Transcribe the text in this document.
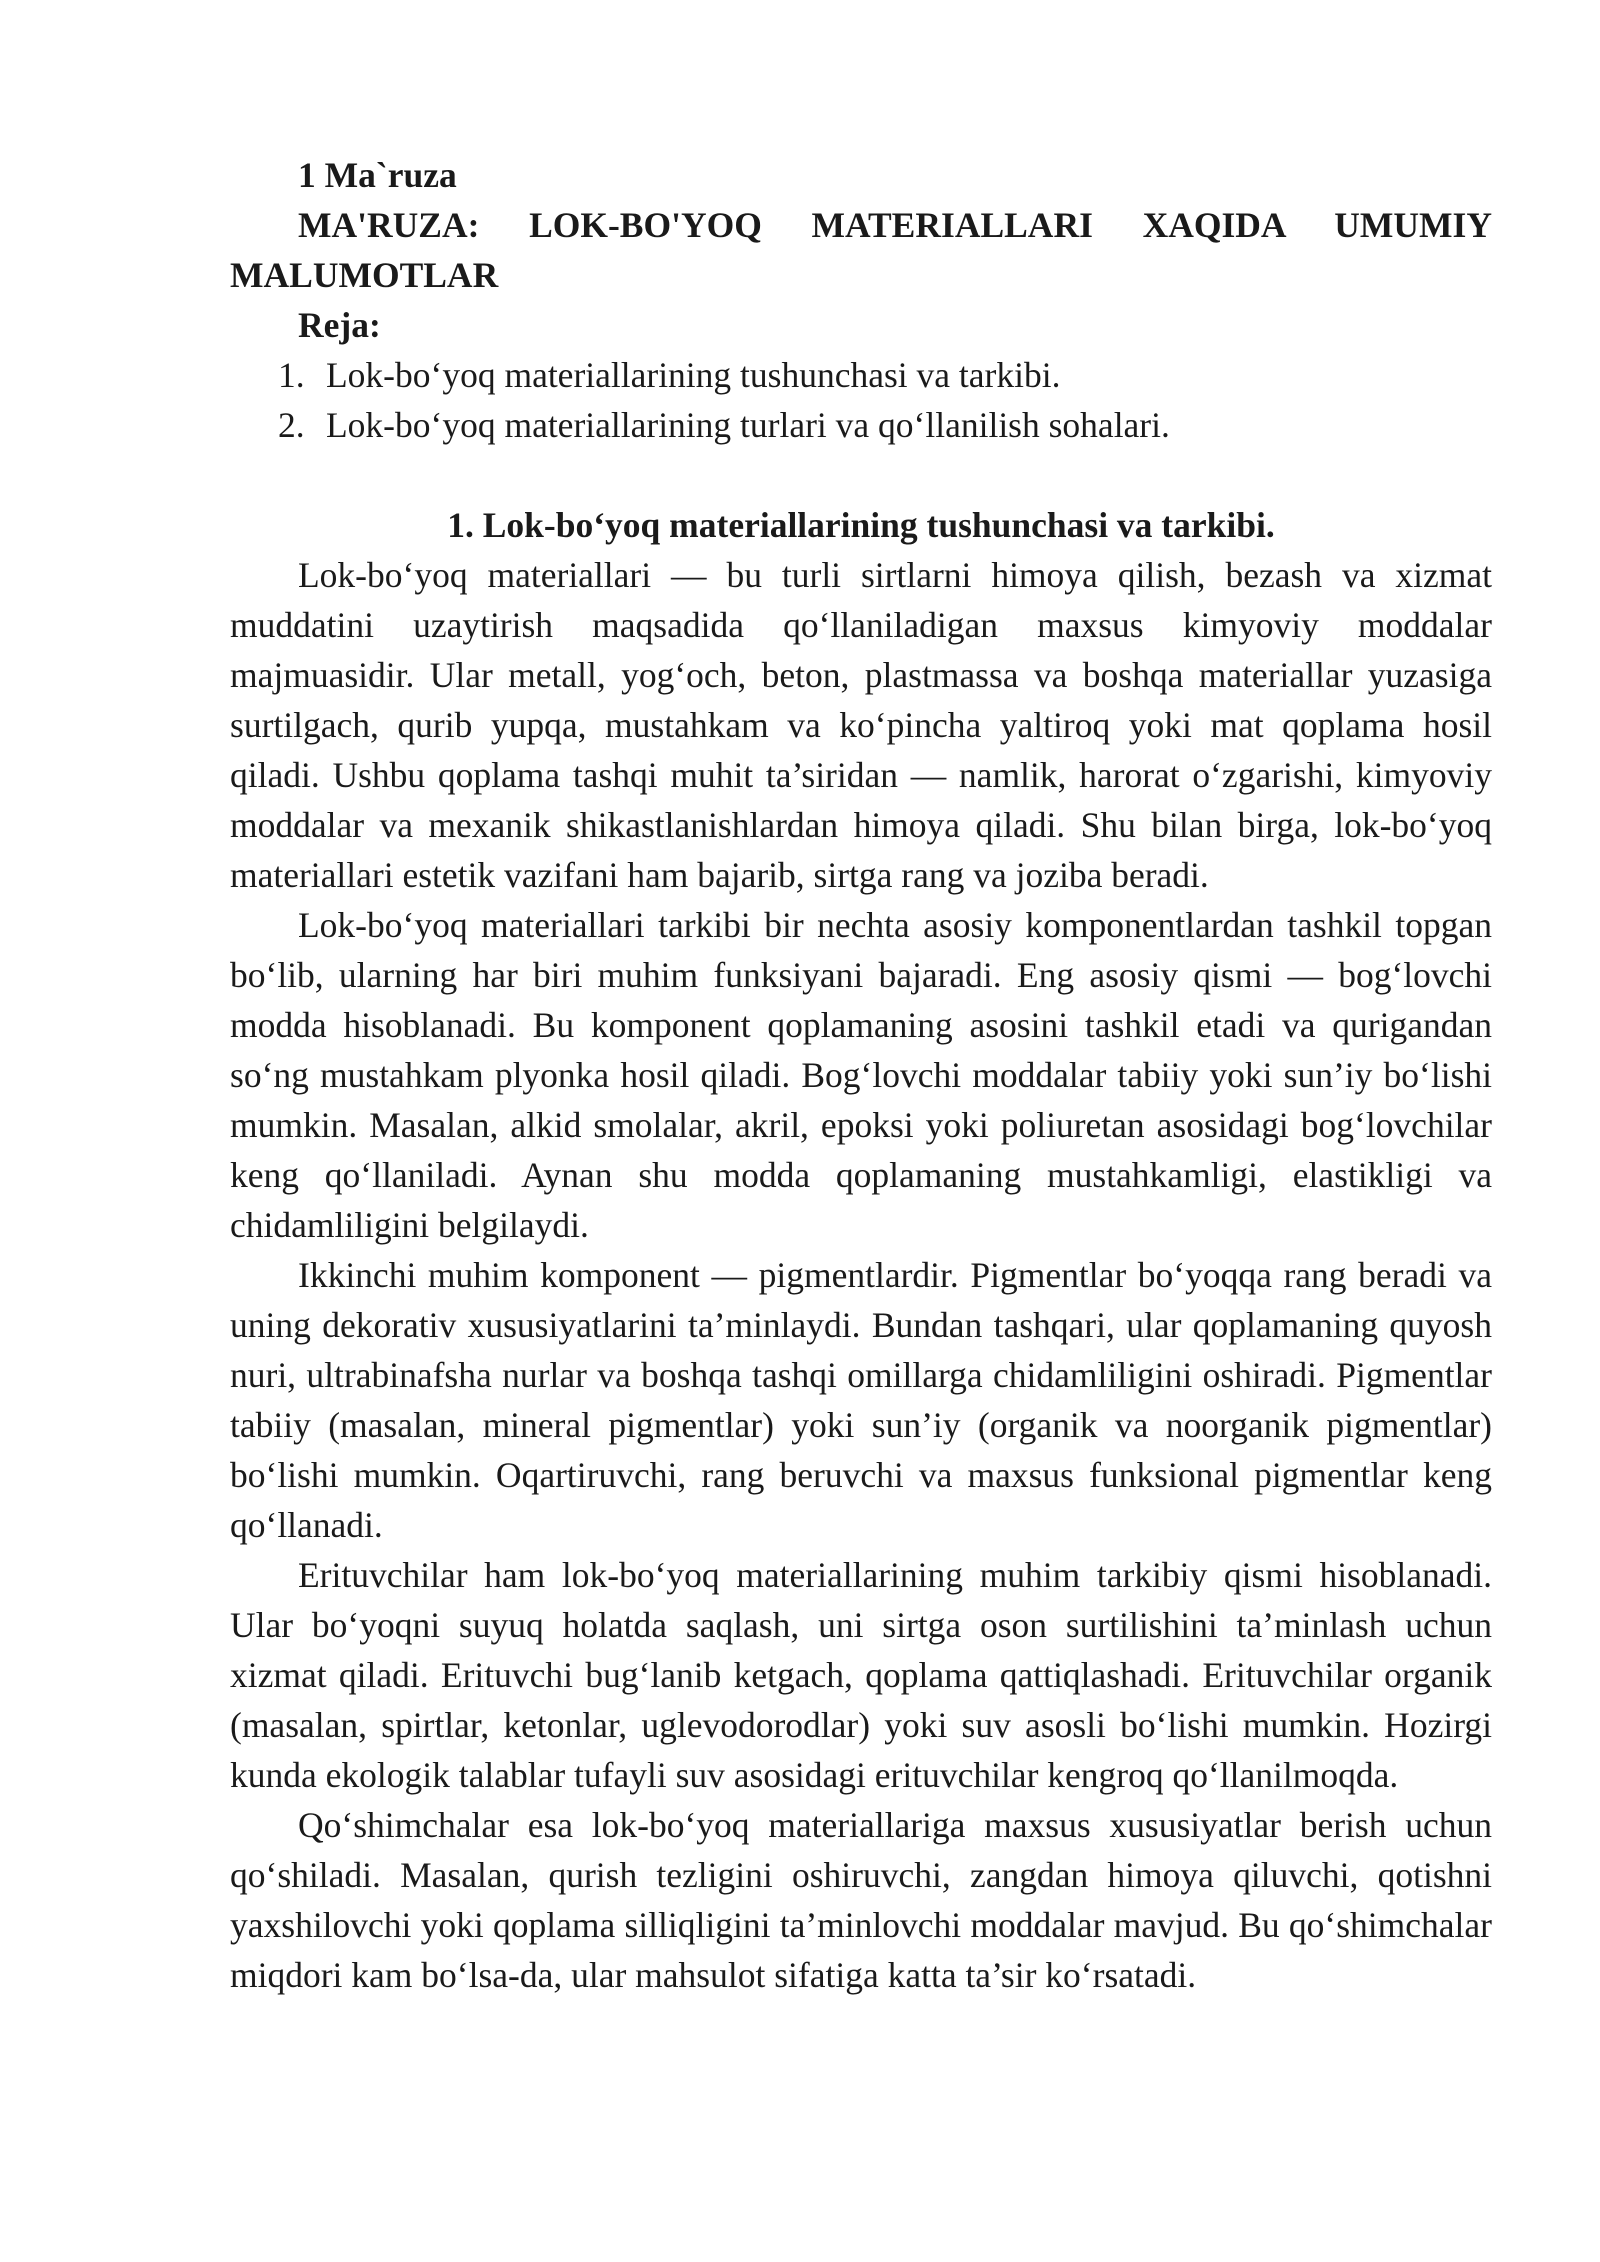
1 Ma`ruza
MA'RUZA: LOK-BO'YOQ MATERIALLARI XAQIDA UMUMIY MALUMOTLAR
Reja:
1. Lok-bo‘yoq materiallarining tushunchasi va tarkibi.
2. Lok-bo‘yoq materiallarining turlari va qo‘llanilish sohalari.
1. Lok-bo‘yoq materiallarining tushunchasi va tarkibi.

Lok-bo‘yoq materiallari — bu turli sirtlarni himoya qilish, bezash va xizmat muddatini uzaytirish maqsadida qo‘llaniladigan maxsus kimyoviy moddalar majmuasidir. Ular metall, yog‘och, beton, plastmassa va boshqa materiallar yuzasiga surtilgach, qurib yupqa, mustahkam va ko‘pincha yaltiroq yoki mat qoplama hosil qiladi. Ushbu qoplama tashqi muhit ta’siridan — namlik, harorat o‘zgarishi, kimyoviy moddalar va mexanik shikastlanishlardan himoya qiladi. Shu bilan birga, lok-bo‘yoq materiallari estetik vazifani ham bajarib, sirtga rang va joziba beradi.

Lok-bo‘yoq materiallari tarkibi bir nechta asosiy komponentlardan tashkil topgan bo‘lib, ularning har biri muhim funksiyani bajaradi. Eng asosiy qismi — bog‘lovchi modda hisoblanadi. Bu komponent qoplamaning asosini tashkil etadi va qurigandan so‘ng mustahkam plyonka hosil qiladi. Bog‘lovchi moddalar tabiiy yoki sun’iy bo‘lishi mumkin. Masalan, alkid smolalar, akril, epoksi yoki poliuretan asosidagi bog‘lovchilar keng qo‘llaniladi. Aynan shu modda qoplamaning mustahkamligi, elastikligi va chidamliligini belgilaydi.

Ikkinchi muhim komponent — pigmentlardir. Pigmentlar bo‘yoqqa rang beradi va uning dekorativ xususiyatlarini ta’minlaydi. Bundan tashqari, ular qoplamaning quyosh nuri, ultrabinafsha nurlar va boshqa tashqi omillarga chidamliligini oshiradi. Pigmentlar tabiiy (masalan, mineral pigmentlar) yoki sun’iy (organik va noorganik pigmentlar) bo‘lishi mumkin. Oqartiruvchi, rang beruvchi va maxsus funksional pigmentlar keng qo‘llanadi.

Erituvchilar ham lok-bo‘yoq materiallarining muhim tarkibiy qismi hisoblanadi. Ular bo‘yoqni suyuq holatda saqlash, uni sirtga oson surtilishini ta’minlash uchun xizmat qiladi. Erituvchi bug‘lanib ketgach, qoplama qattiqlashadi. Erituvchilar organik (masalan, spirtlar, ketonlar, uglevodorodlar) yoki suv asosli bo‘lishi mumkin. Hozirgi kunda ekologik talablar tufayli suv asosidagi erituvchilar kengroq qo‘llanilmoqda.

Qo‘shimchalar esa lok-bo‘yoq materiallariga maxsus xususiyatlar berish uchun qo‘shiladi. Masalan, qurish tezligini oshiruvchi, zangdan himoya qiluvchi, qotishni yaxshilovchi yoki qoplama silliqligini ta’minlovchi moddalar mavjud. Bu qo‘shimchalar miqdori kam bo‘lsa-da, ular mahsulot sifatiga katta ta’sir ko‘rsatadi.
